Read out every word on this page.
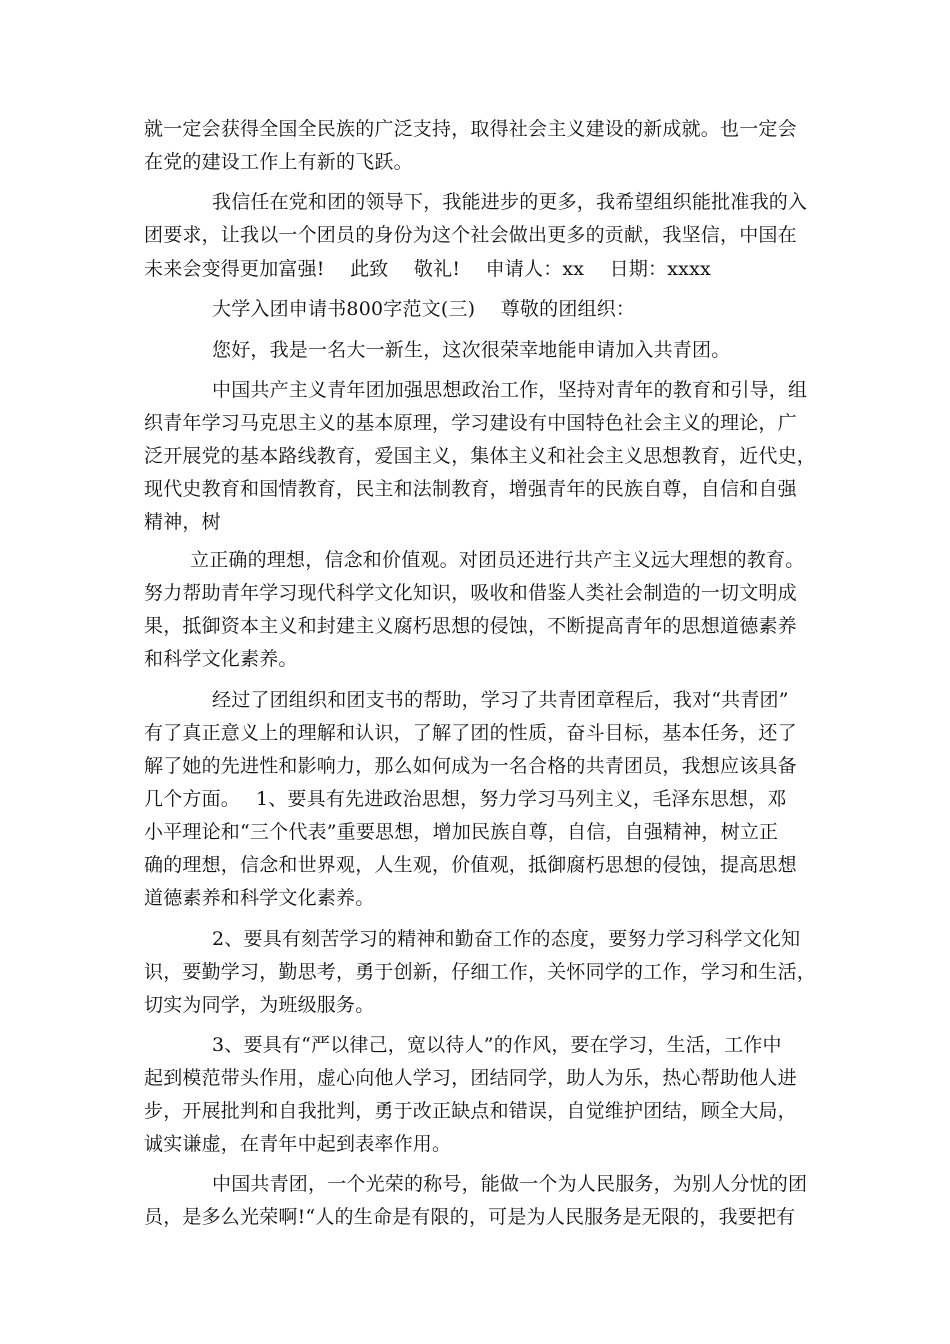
就一定会获得全国全民族的广泛支持，取得社会主义建设的新成就。也一定会
在党的建设工作上有新的飞跃。
我信任在党和团的领导下，我能进步的更多，我希望组织能批准我的入
团要求，让我以一个团员的身份为这个社会做出更多的贡献，我坚信，中国在
未来会变得更加富强!　 此致　 敬礼!　 申请人：xx　 日期：xxxx
大学入团申请书800字范文(三)　 尊敬的团组织：
您好，我是一名大一新生，这次很荣幸地能申请加入共青团。
中国共产主义青年团加强思想政治工作，坚持对青年的教育和引导，组
织青年学习马克思主义的基本原理，学习建设有中国特色社会主义的理论，广
泛开展党的基本路线教育，爱国主义，集体主义和社会主义思想教育，近代史，
现代史教育和国情教育，民主和法制教育，增强青年的民族自尊，自信和自强
精神，树
立正确的理想，信念和价值观。对团员还进行共产主义远大理想的教育。
努力帮助青年学习现代科学文化知识，吸收和借鉴人类社会制造的一切文明成
果，抵御资本主义和封建主义腐朽思想的侵蚀，不断提高青年的思想道德素养
和科学文化素养。
经过了团组织和团支书的帮助，学习了共青团章程后，我对“共青团”
有了真正意义上的理解和认识，了解了团的性质，奋斗目标，基本任务，还了
解了她的先进性和影响力，那么如何成为一名合格的共青团员，我想应该具备
几个方面。　 1、要具有先进政治思想，努力学习马列主义，毛泽东思想，邓
小平理论和“三个代表”重要思想，增加民族自尊，自信，自强精神，树立正
确的理想，信念和世界观，人生观，价值观，抵御腐朽思想的侵蚀，提高思想
道德素养和科学文化素养。
2、要具有刻苦学习的精神和勤奋工作的态度，要努力学习科学文化知
识，要勤学习，勤思考，勇于创新，仔细工作，关怀同学的工作，学习和生活，
切实为同学，为班级服务。
3、要具有“严以律己，宽以待人”的作风，要在学习，生活，工作中
起到模范带头作用，虚心向他人学习，团结同学，助人为乐，热心帮助他人进
步，开展批判和自我批判，勇于改正缺点和错误，自觉维护团结，顾全大局，
诚实谦虚，在青年中起到表率作用。
中国共青团，一个光荣的称号，能做一个为人民服务，为别人分忧的团
员，是多么光荣啊!“人的生命是有限的，可是为人民服务是无限的，我要把有
